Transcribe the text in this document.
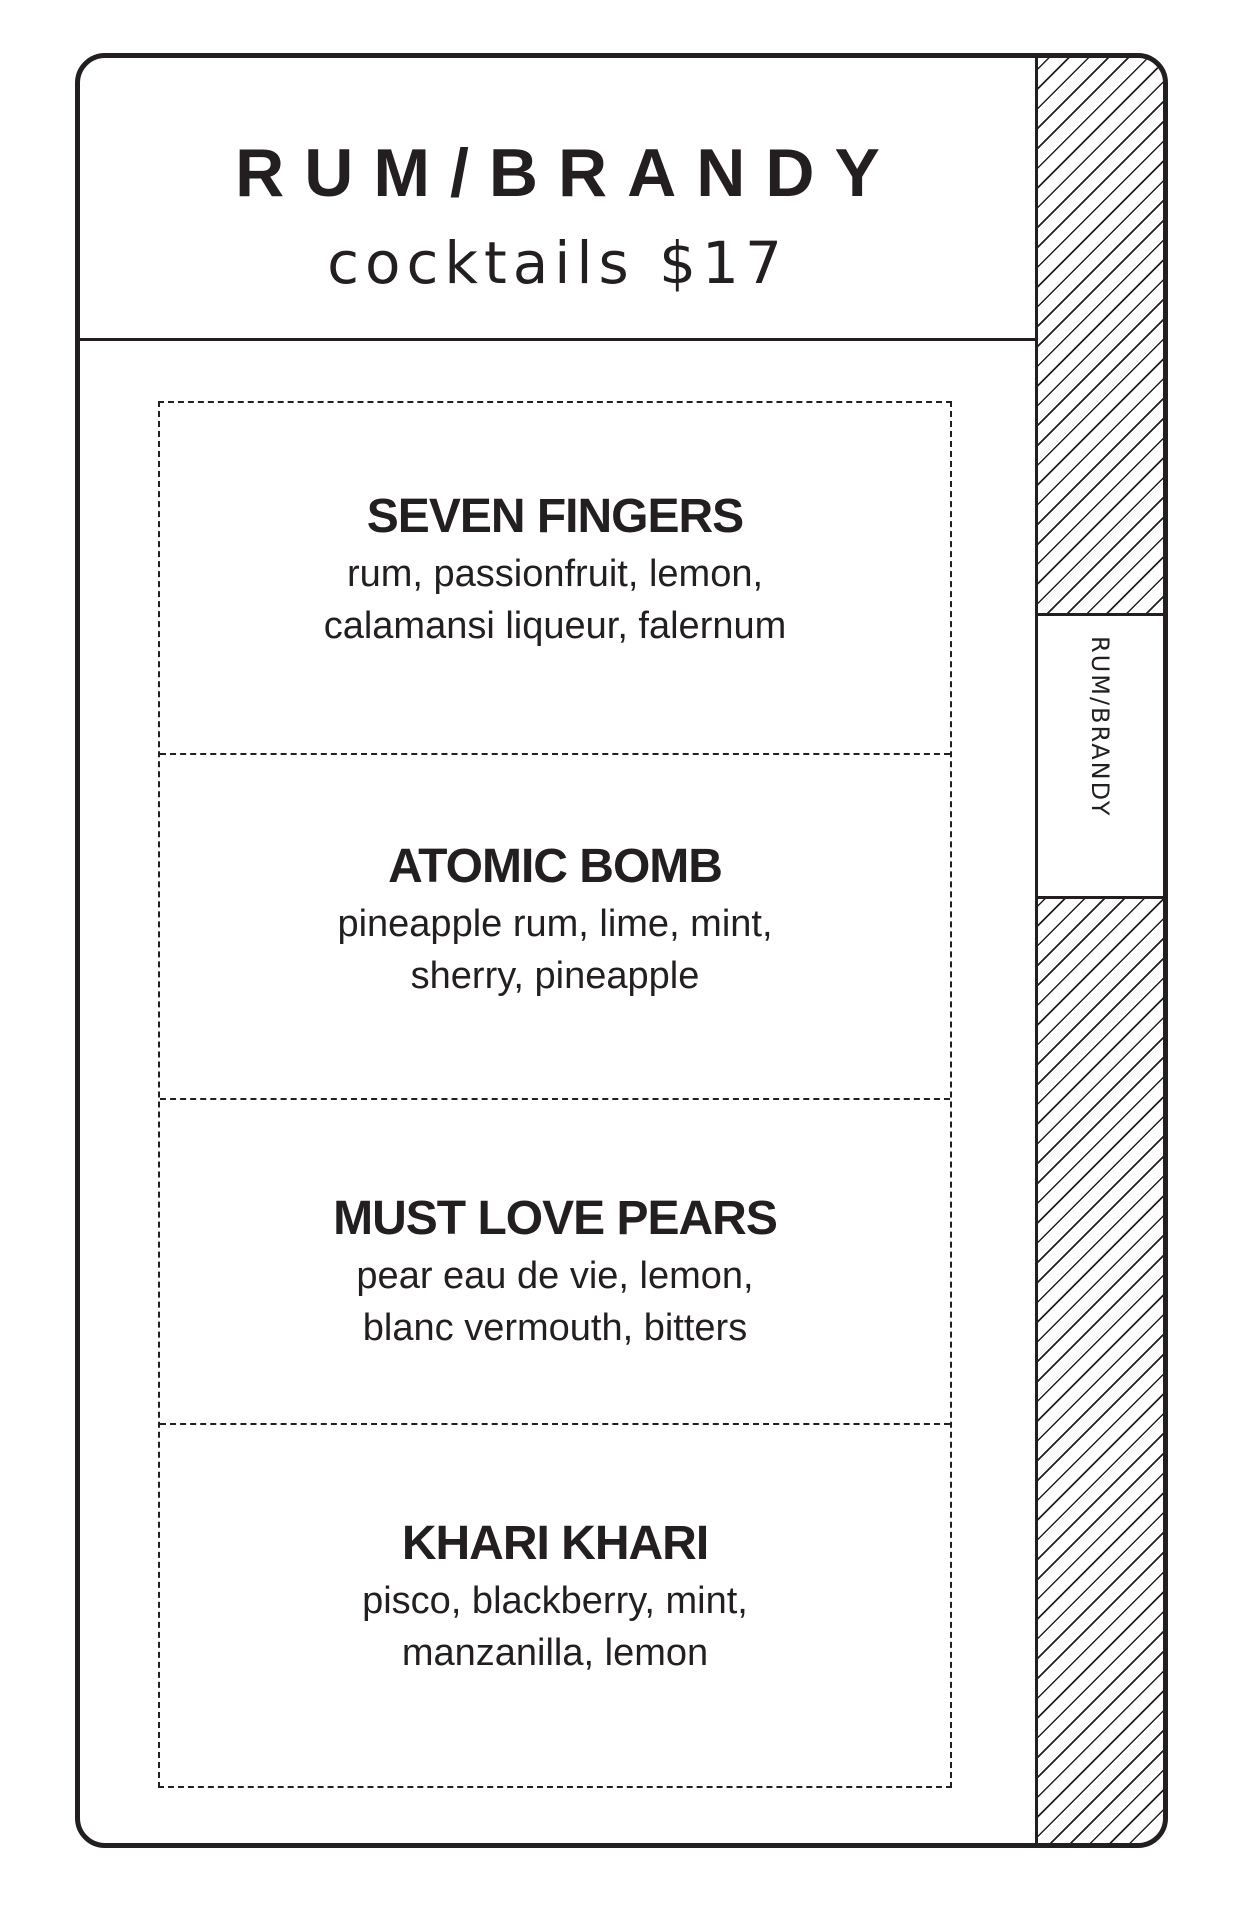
RUM/BRANDY
cocktails $17
SEVEN FINGERS
rum, passionfruit, lemon,
calamansi liqueur, falernum
ATOMIC BOMB
pineapple rum, lime, mint,
sherry, pineapple
MUST LOVE PEARS
pear eau de vie, lemon,
blanc vermouth, bitters
KHARI KHARI
pisco, blackberry, mint,
manzanilla, lemon
RUM/BRANDY
